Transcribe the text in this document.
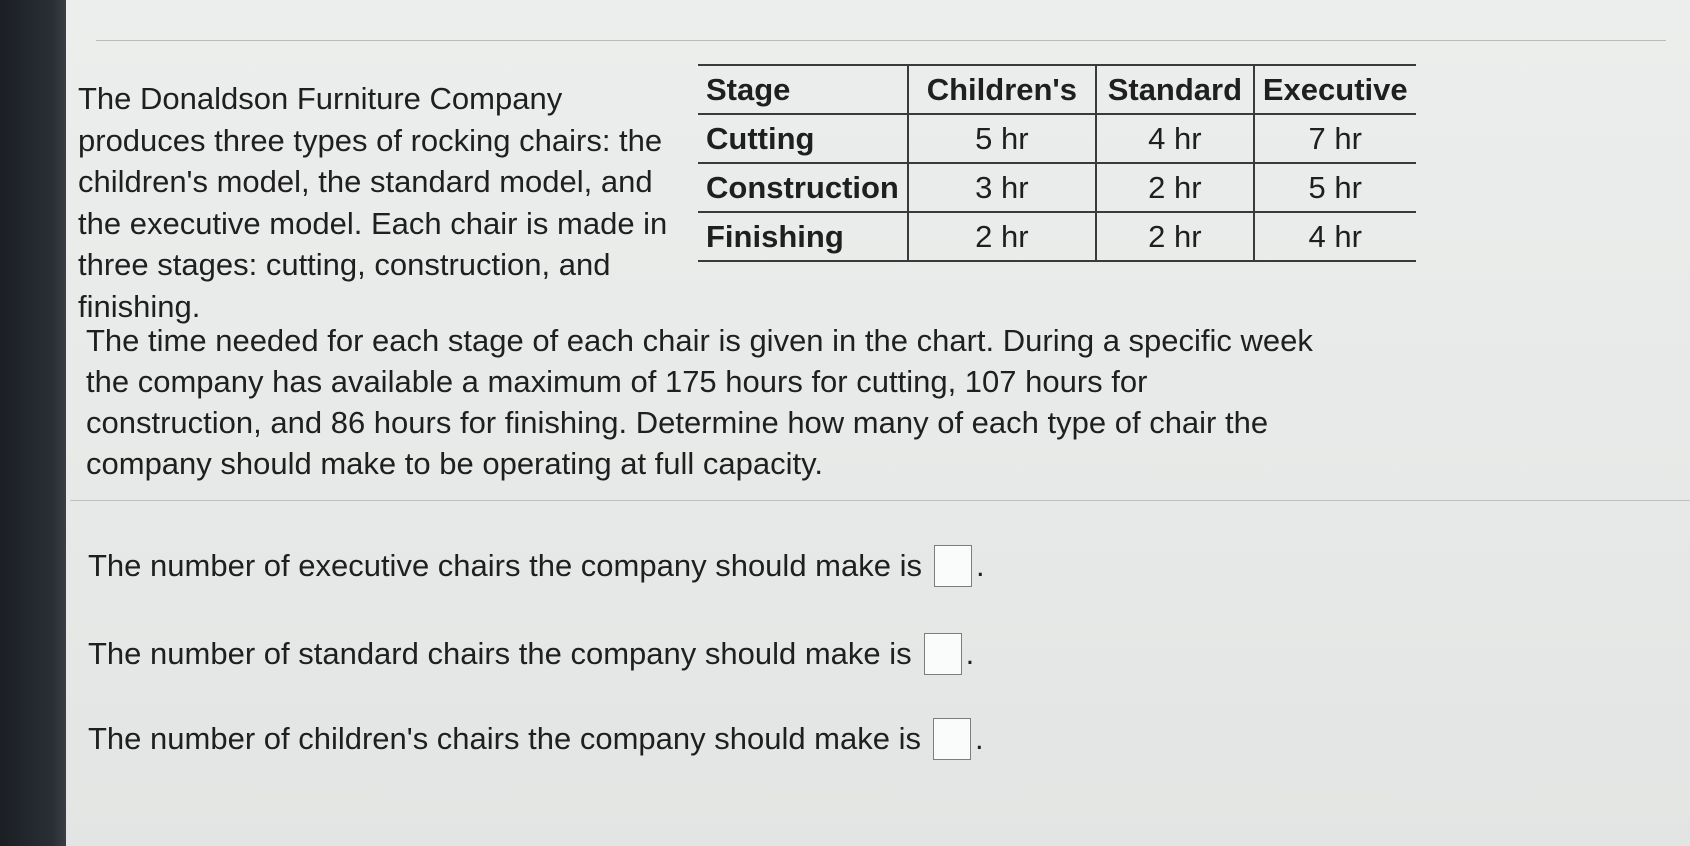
The Donaldson Furniture Company produces three types of rocking chairs: the children's model, the standard model, and the executive model. Each chair is made in three stages: cutting, construction, and finishing.

Stage	Children's	Standard	Executive
Cutting	5 hr	4 hr	7 hr
Construction	3 hr	2 hr	5 hr
Finishing	2 hr	2 hr	4 hr

The time needed for each stage of each chair is given in the chart. During a specific week the company has available a maximum of 175 hours for cutting, 107 hours for construction, and 86 hours for finishing. Determine how many of each type of chair the company should make to be operating at full capacity.

The number of executive chairs the company should make is .
The number of standard chairs the company should make is .
The number of children's chairs the company should make is .
